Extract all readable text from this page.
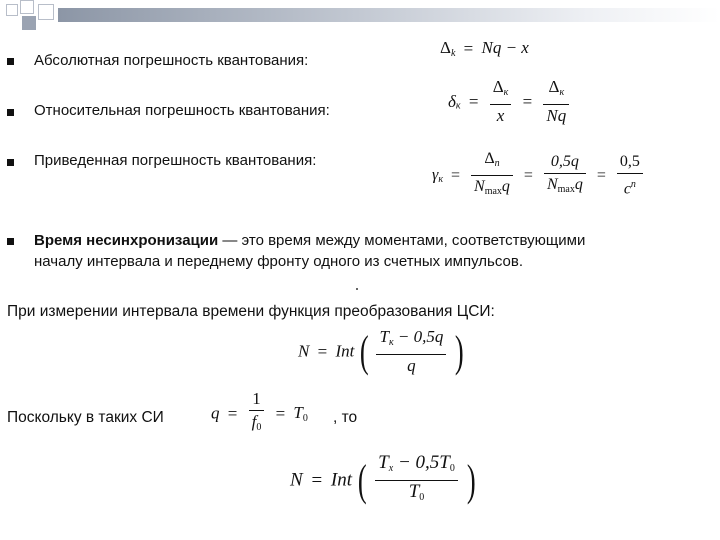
Абсолютная погрешность квантования:
$\Delta_k = Nq - x$
Относительная погрешность квантования:	$\delta_к = \frac{\Delta_к}{x} = \frac{\Delta_к}{Nq}$
Приведенная погрешность квантования:
$\gamma_к = \frac{\Delta_п}{N_{max}q} = \frac{0,5q}{N_{max}q} = \frac{0,5}{c^n}$
Время несинхронизации — это время между моментами, соответствующими
началу интервала и переднему фронту одного из счетных импульсов.
При измерении интервала времени функция преобразования ЦСИ:
N = Int ( $\frac{T_к - 0,5q}{q}$ )
Поскольку в таких СИ	$q = \frac{1}{f_0} = T_0$ , то
N = Int ( $\frac{T_x - 0,5T_0}{T_0}$ )
